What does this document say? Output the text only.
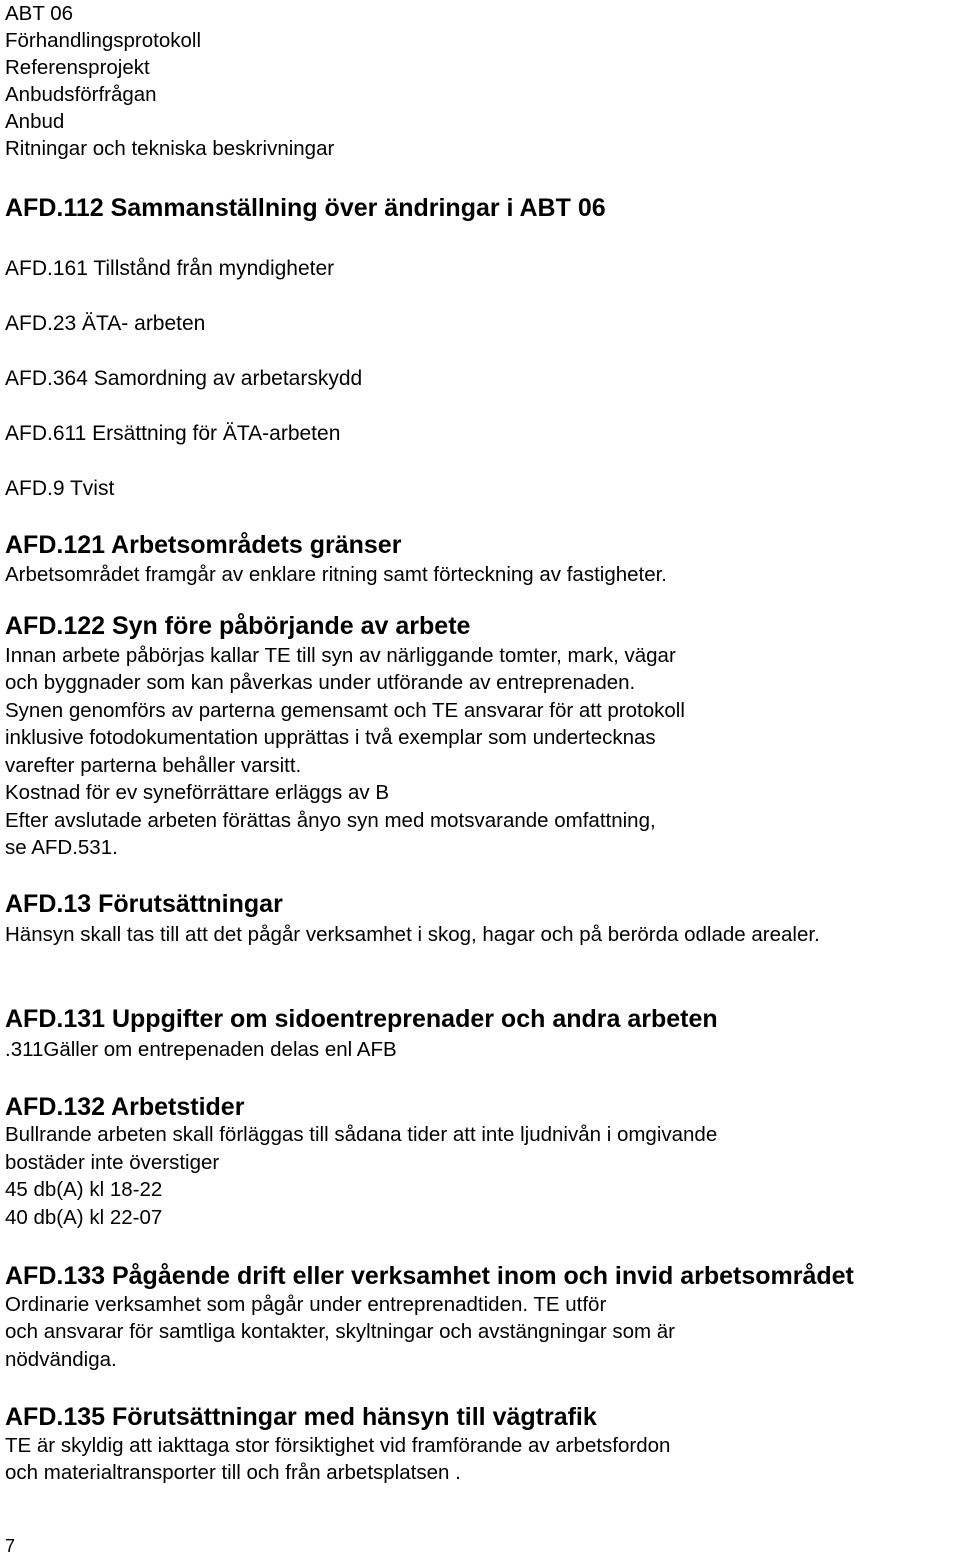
ABT 06
Förhandlingsprotokoll
Referensprojekt
Anbudsförfrågan
Anbud
Ritningar och tekniska beskrivningar
AFD.112 Sammanställning över ändringar i ABT 06
AFD.161 Tillstånd från myndigheter
AFD.23 ÄTA- arbeten
AFD.364 Samordning av arbetarskydd
AFD.611 Ersättning för ÄTA-arbeten
AFD.9 Tvist
AFD.121 Arbetsområdets gränser
Arbetsområdet framgår av enklare ritning samt förteckning av fastigheter.
AFD.122 Syn före påbörjande av arbete
Innan arbete påbörjas kallar TE till syn av närliggande tomter, mark, vägar
och byggnader som kan påverkas under utförande av entreprenaden.
Synen genomförs av parterna gemensamt och TE ansvarar för att protokoll
inklusive fotodokumentation upprättas i två exemplar som undertecknas
varefter parterna behåller varsitt.
Kostnad för ev syneförrättare erläggs av B
Efter avslutade arbeten förättas ånyo syn med motsvarande omfattning,
se AFD.531.
AFD.13 Förutsättningar
Hänsyn skall tas till att det pågår verksamhet i skog, hagar och på berörda odlade arealer.
AFD.131 Uppgifter om sidoentreprenader och andra arbeten
.311Gäller om entrepenaden delas enl AFB
AFD.132 Arbetstider
Bullrande arbeten skall förläggas till sådana tider att inte ljudnivån i omgivande
bostäder inte överstiger
45 db(A) kl 18-22
40 db(A) kl 22-07
AFD.133 Pågående drift eller verksamhet inom och invid arbetsområdet
Ordinarie verksamhet som pågår under entreprenadtiden. TE utför
och ansvarar för samtliga kontakter, skyltningar och avstängningar som är
nödvändiga.
AFD.135 Förutsättningar med hänsyn till vägtrafik
TE är skyldig att iakttaga stor försiktighet vid framförande av arbetsfordon
och materialtransporter till och från arbetsplatsen .
7
